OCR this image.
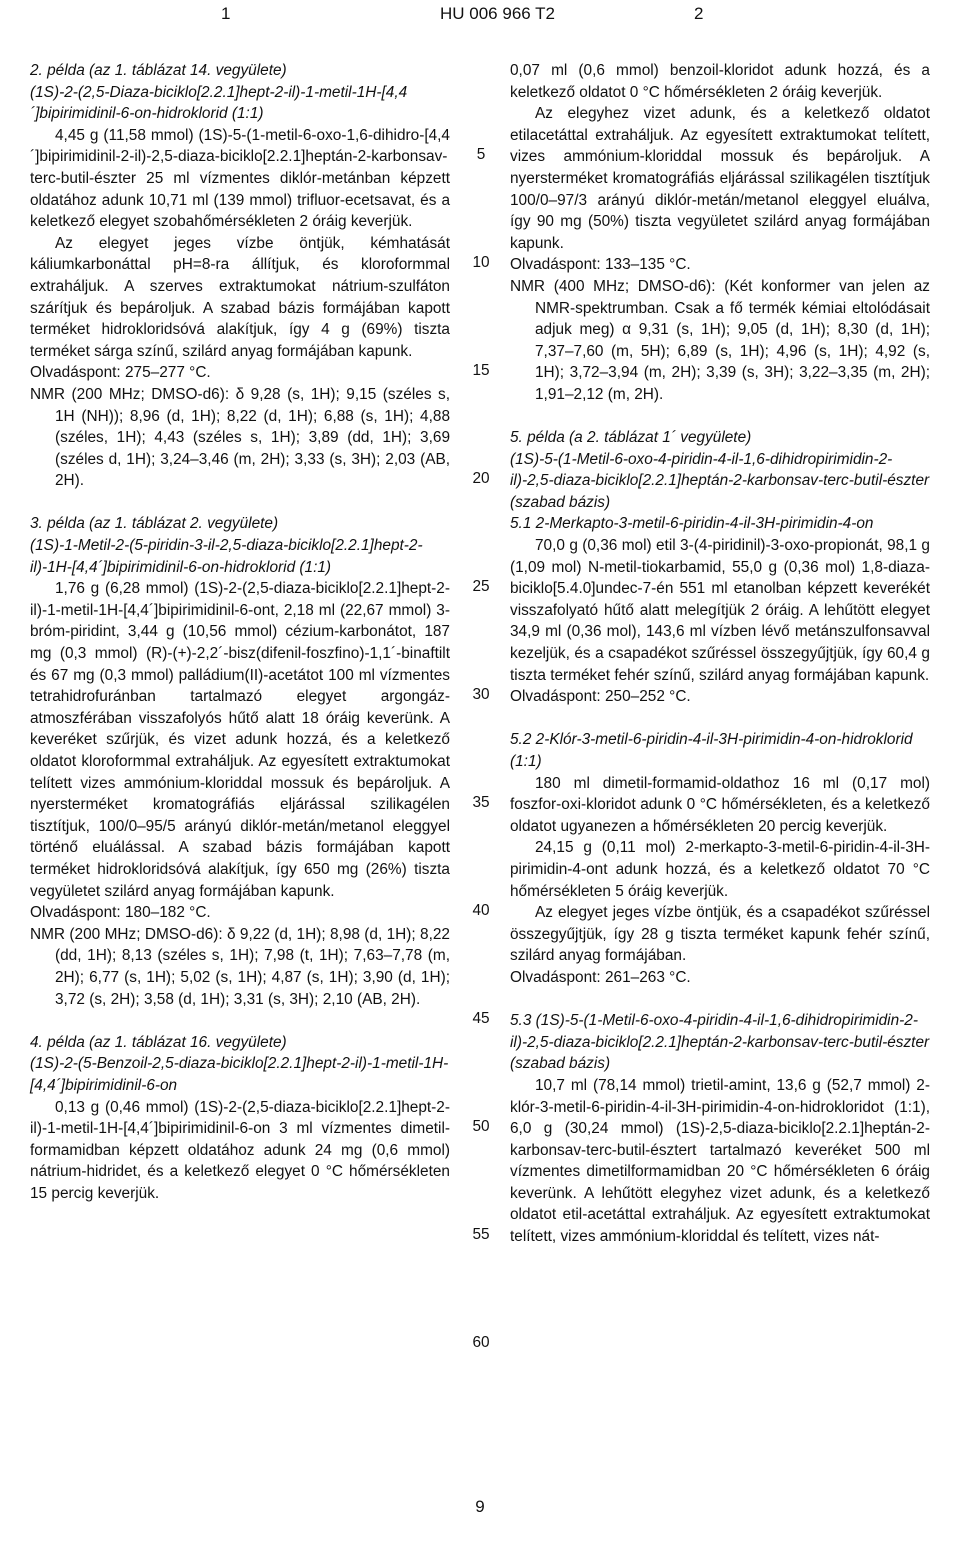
1	HU 006 966 T2	2

2. példa (az 1. táblázat 14. vegyülete)

(1S)-2-(2,5-Diaza-biciklo[2.2.1]hept-2-il)-1-metil-1H-[4,4´]bipirimidinil-6-on-hidroklorid (1:1)

4,45 g (11,58 mmol) (1S)-5-(1-metil-6-oxo-1,6-dihidro-[4,4´]bipirimidinil-2-il)-2,5-diaza-biciklo[2.2.1]heptán-2-karbonsav-terc-butil-észter 25 ml vízmentes diklór-metánban képzett oldatához adunk 10,71 ml (139 mmol) trifluor-ecetsavat, és a keletkező elegyet szobahőmérsékleten 2 óráig keverjük.

Az elegyet jeges vízbe öntjük, kémhatását káliumkarbonáttal pH=8-ra állítjuk, és kloroformmal extraháljuk. A szerves extraktumokat nátrium-szulfáton szárítjuk és bepároljuk. A szabad bázis formájában kapott terméket hidrokloridsóvá alakítjuk, így 4 g (69%) tiszta terméket sárga színű, szilárd anyag formájában kapunk.

Olvadáspont: 275–277 °C.

NMR (200 MHz; DMSO-d6): δ 9,28 (s, 1H); 9,15 (széles s, 1H (NH)); 8,96 (d, 1H); 8,22 (d, 1H); 6,88 (s, 1H); 4,88 (széles, 1H); 4,43 (széles s, 1H); 3,89 (dd, 1H); 3,69 (széles d, 1H); 3,24–3,46 (m, 2H); 3,33 (s, 3H); 2,03 (AB, 2H).

3. példa (az 1. táblázat 2. vegyülete)

(1S)-1-Metil-2-(5-piridin-3-il-2,5-diaza-biciklo[2.2.1]hept-2-il)-1H-[4,4´]bipirimidinil-6-on-hidroklorid (1:1)

1,76 g (6,28 mmol) (1S)-2-(2,5-diaza-biciklo[2.2.1]hept-2-il)-1-metil-1H-[4,4´]bipirimidinil-6-ont, 2,18 ml (22,67 mmol) 3-bróm-piridint, 3,44 g (10,56 mmol) cézium-karbonátot, 187 mg (0,3 mmol) (R)-(+)-2,2´-bisz(difenil-foszfino)-1,1´-binaftilt és 67 mg (0,3 mmol) palládium(II)-acetátot 100 ml vízmentes tetrahidrofuránban tartalmazó elegyet argongáz-atmoszférában visszafolyós hűtő alatt 18 óráig keverünk. A keveréket szűrjük, és vizet adunk hozzá, és a keletkező oldatot kloroformmal extraháljuk. Az egyesített extraktumokat telített vizes ammónium-kloriddal mossuk és bepároljuk. A nyersterméket kromatográfiás eljárással szilikagélen tisztítjuk, 100/0–95/5 arányú diklór-metán/metanol eleggyel történő eluálással. A szabad bázis formájában kapott terméket hidrokloridsóvá alakítjuk, így 650 mg (26%) tiszta vegyületet szilárd anyag formájában kapunk.

Olvadáspont: 180–182 °C.

NMR (200 MHz; DMSO-d6): δ 9,22 (d, 1H); 8,98 (d, 1H); 8,22 (dd, 1H); 8,13 (széles s, 1H); 7,98 (t, 1H); 7,63–7,78 (m, 2H); 6,77 (s, 1H); 5,02 (s, 1H); 4,87 (s, 1H); 3,90 (d, 1H); 3,72 (s, 2H); 3,58 (d, 1H); 3,31 (s, 3H); 2,10 (AB, 2H).

4. példa (az 1. táblázat 16. vegyülete)

(1S)-2-(5-Benzoil-2,5-diaza-biciklo[2.2.1]hept-2-il)-1-metil-1H-[4,4´]bipirimidinil-6-on

0,13 g (0,46 mmol) (1S)-2-(2,5-diaza-biciklo[2.2.1]hept-2-il)-1-metil-1H-[4,4´]bipirimidinil-6-on 3 ml vízmentes dimetil-formamidban képzett oldatához adunk 24 mg (0,6 mmol) nátrium-hidridet, és a keletkező elegyet 0 °C hőmérsékleten 15 percig keverjük.

0,07 ml (0,6 mmol) benzoil-kloridot adunk hozzá, és a keletkező oldatot 0 °C hőmérsékleten 2 óráig keverjük.

Az elegyhez vizet adunk, és a keletkező oldatot etilacetáttal extraháljuk. Az egyesített extraktumokat telített, vizes ammónium-kloriddal mossuk és bepároljuk. A nyersterméket kromatográfiás eljárással szilikagélen tisztítjuk 100/0–97/3 arányú diklór-metán/metanol eleggyel eluálva, így 90 mg (50%) tiszta vegyületet szilárd anyag formájában kapunk.

Olvadáspont: 133–135 °C.

NMR (400 MHz; DMSO-d6): (Két konformer van jelen az NMR-spektrumban. Csak a fő termék kémiai eltolódásait adjuk meg) α 9,31 (s, 1H); 9,05 (d, 1H); 8,30 (d, 1H); 7,37–7,60 (m, 5H); 6,89 (s, 1H); 4,96 (s, 1H); 4,92 (s, 1H); 3,72–3,94 (m, 2H); 3,39 (s, 3H); 3,22–3,35 (m, 2H); 1,91–2,12 (m, 2H).

5. példa (a 2. táblázat 1´ vegyülete)

(1S)-5-(1-Metil-6-oxo-4-piridin-4-il-1,6-dihidropirimidin-2-il)-2,5-diaza-biciklo[2.2.1]heptán-2-karbonsav-terc-butil-észter (szabad bázis)

5.1 2-Merkapto-3-metil-6-piridin-4-il-3H-pirimidin-4-on

70,0 g (0,36 mol) etil 3-(4-piridinil)-3-oxo-propionát, 98,1 g (1,09 mol) N-metil-tiokarbamid, 55,0 g (0,36 mol) 1,8-diaza-biciklo[5.4.0]undec-7-én 551 ml etanolban képzett keverékét visszafolyató hűtő alatt melegítjük 2 óráig. A lehűtött elegyet 34,9 ml (0,36 mol), 143,6 ml vízben lévő metánszulfonsavval kezeljük, és a csapadékot szűréssel összegyűjtjük, így 60,4 g tiszta terméket fehér színű, szilárd anyag formájában kapunk.

Olvadáspont: 250–252 °C.

5.2 2-Klór-3-metil-6-piridin-4-il-3H-pirimidin-4-on-hidroklorid (1:1)

180 ml dimetil-formamid-oldathoz 16 ml (0,17 mol) foszfor-oxi-kloridot adunk 0 °C hőmérsékleten, és a keletkező oldatot ugyanezen a hőmérsékleten 20 percig keverjük.

24,15 g (0,11 mol) 2-merkapto-3-metil-6-piridin-4-il-3H-pirimidin-4-ont adunk hozzá, és a keletkező oldatot 70 °C hőmérsékleten 5 óráig keverjük.

Az elegyet jeges vízbe öntjük, és a csapadékot szűréssel összegyűjtjük, így 28 g tiszta terméket kapunk fehér színű, szilárd anyag formájában.

Olvadáspont: 261–263 °C.

5.3 (1S)-5-(1-Metil-6-oxo-4-piridin-4-il-1,6-dihidropirimidin-2-il)-2,5-diaza-biciklo[2.2.1]heptán-2-karbonsav-terc-butil-észter (szabad bázis)

10,7 ml (78,14 mmol) trietil-amint, 13,6 g (52,7 mmol) 2-klór-3-metil-6-piridin-4-il-3H-pirimidin-4-on-hidrokloridot (1:1), 6,0 g (30,24 mmol) (1S)-2,5-diaza-biciklo[2.2.1]heptán-2-karbonsav-terc-butil-észtert tartalmazó keveréket 500 ml vízmentes dimetilformamidban 20 °C hőmérsékleten 6 óráig keverünk. A lehűtött elegyhez vizet adunk, és a keletkező oldatot etil-acetáttal extraháljuk. Az egyesített extraktumokat telített, vizes ammónium-kloriddal és telített, vizes nát-

5
10
15
20
25
30
35
40
45
50
55
60
9
